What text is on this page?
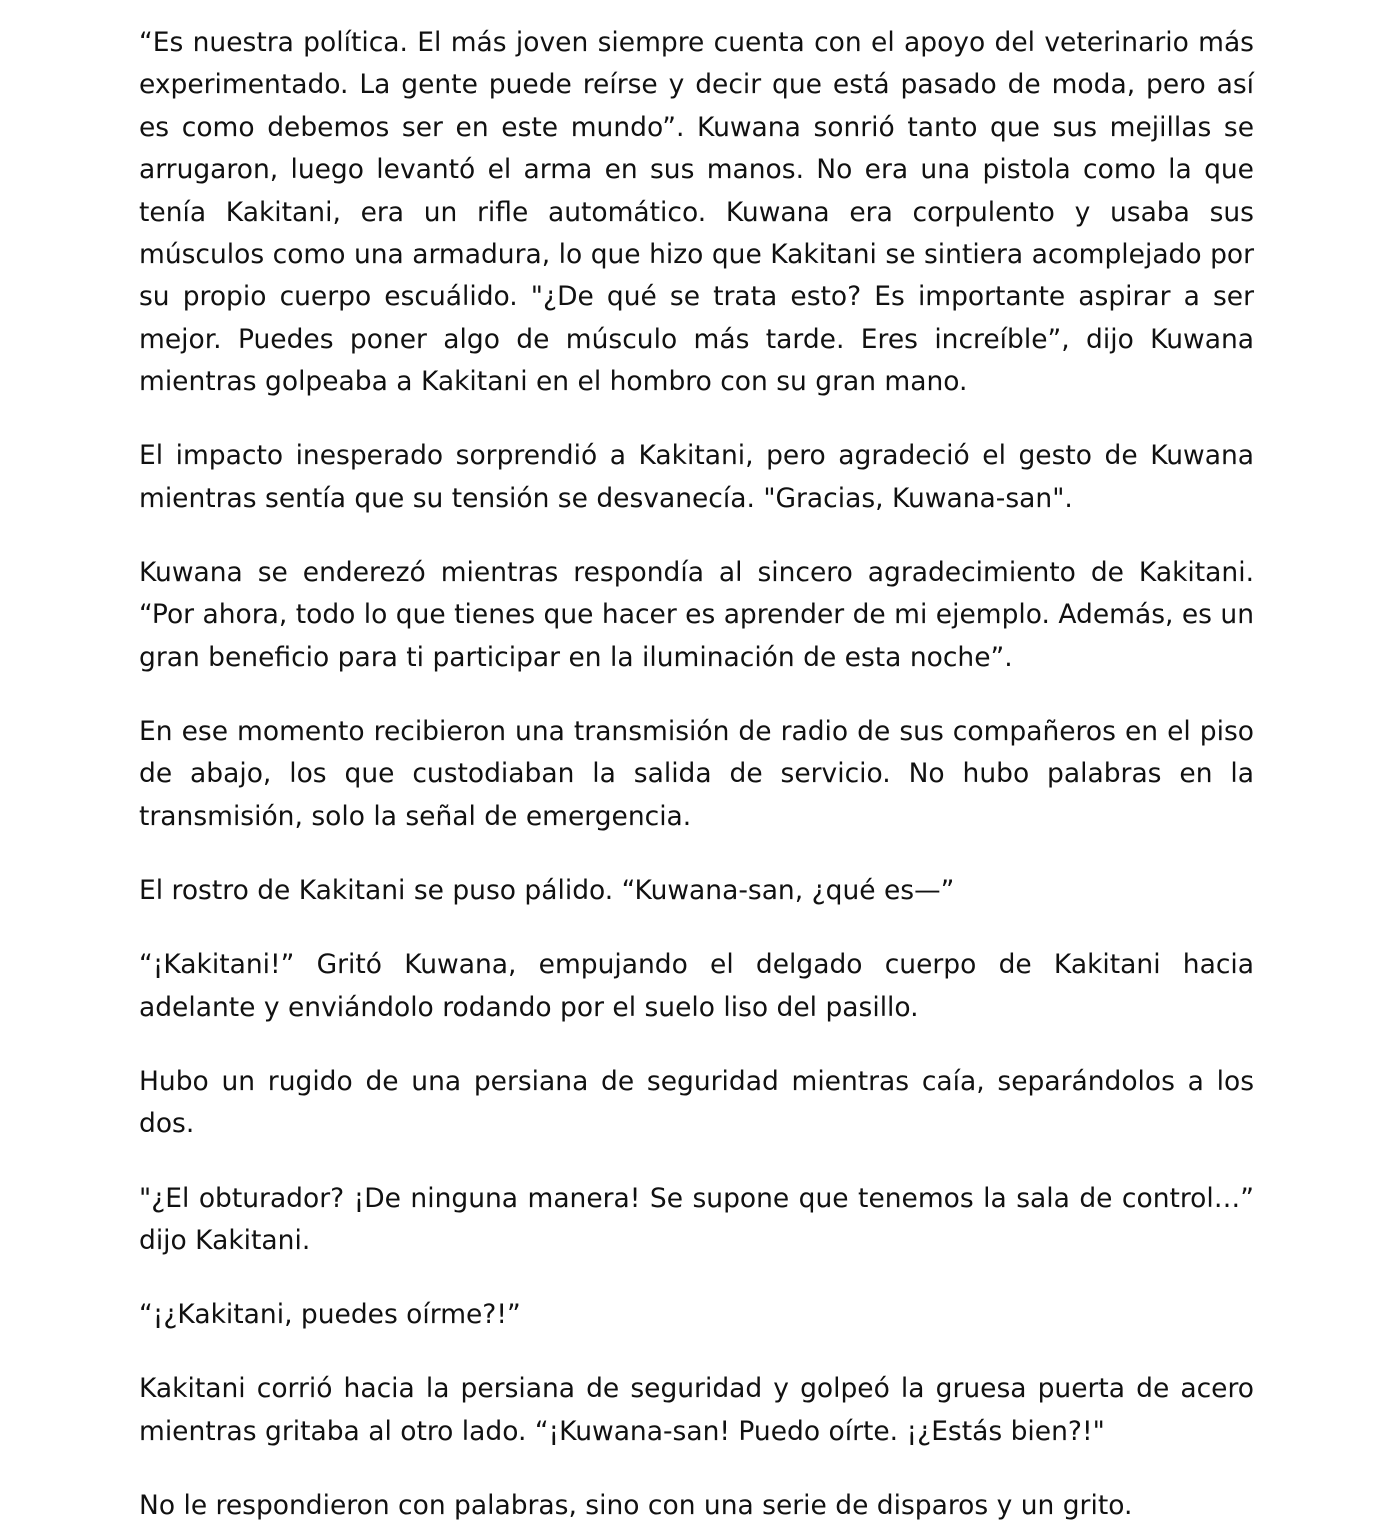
“Es nuestra política. El más joven siempre cuenta con el apoyo del veterinario más experimentado. La gente puede reírse y decir que está pasado de moda, pero así es como debemos ser en este mundo”. Kuwana sonrió tanto que sus mejillas se arrugaron, luego levantó el arma en sus manos. No era una pistola como la que tenía Kakitani, era un rifle automático. Kuwana era corpulento y usaba sus músculos como una armadura, lo que hizo que Kakitani se sintiera acomplejado por su propio cuerpo escuálido. "¿De qué se trata esto? Es importante aspirar a ser mejor. Puedes poner algo de músculo más tarde. Eres increíble”, dijo Kuwana mientras golpeaba a Kakitani en el hombro con su gran mano.

El impacto inesperado sorprendió a Kakitani, pero agradeció el gesto de Kuwana mientras sentía que su tensión se desvanecía. "Gracias, Kuwana-san".

Kuwana se enderezó mientras respondía al sincero agradecimiento de Kakitani. “Por ahora, todo lo que tienes que hacer es aprender de mi ejemplo. Además, es un gran beneficio para ti participar en la iluminación de esta noche”.

En ese momento recibieron una transmisión de radio de sus compañeros en el piso de abajo, los que custodiaban la salida de servicio. No hubo palabras en la transmisión, solo la señal de emergencia.

El rostro de Kakitani se puso pálido. “Kuwana-san, ¿qué es—”

“¡Kakitani!” Gritó Kuwana, empujando el delgado cuerpo de Kakitani hacia adelante y enviándolo rodando por el suelo liso del pasillo.

Hubo un rugido de una persiana de seguridad mientras caía, separándolos a los dos.

"¿El obturador? ¡De ninguna manera! Se supone que tenemos la sala de control…” dijo Kakitani.

“¡¿Kakitani, puedes oírme?!”

Kakitani corrió hacia la persiana de seguridad y golpeó la gruesa puerta de acero mientras gritaba al otro lado. “¡Kuwana-san! Puedo oírte. ¡¿Estás bien?!"

No le respondieron con palabras, sino con una serie de disparos y un grito.
